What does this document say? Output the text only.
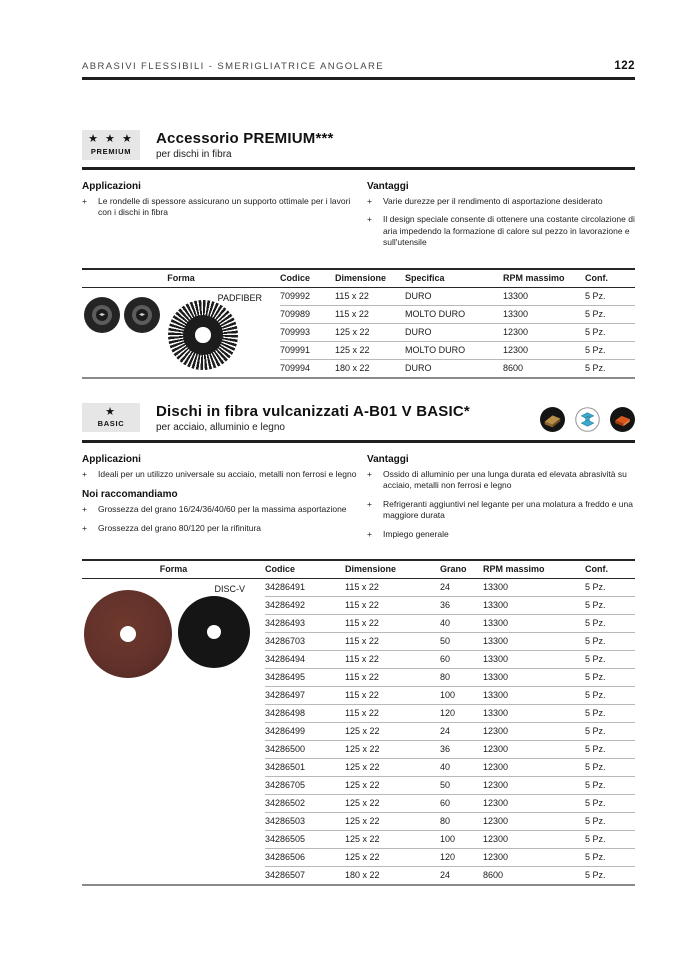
ABRASIVI FLESSIBILI - SMERIGLIATRICE ANGOLARE	122
★ ★ ★
PREMIUM
Accessorio PREMIUM***
per dischi in fibra
Applicazioni
+	Le rondelle di spessore assicurano un supporto ottimale per i lavori con i dischi in fibra
Vantaggi
+	Varie durezze per il rendimento di asportazione desiderato
+	Il design speciale consente di ottenere una costante circolazione di aria impedendo la formazione di calore sul pezzo in lavorazione e sull'utensile
Forma	Codice	Dimensione	Specifica	RPM massimo	Conf.
◂▸
◂▸
PADFIBER 709992	115 x 22	DURO	13300	5 Pz.
709989	115 x 22	MOLTO DURO	13300	5 Pz.
709993	125 x 22	DURO	12300	5 Pz.
709991	125 x 22	MOLTO DURO	12300	5 Pz.
709994	180 x 22	DURO	8600	5 Pz.
★
BASIC
Dischi in fibra vulcanizzati A-B01 V BASIC*
per acciaio, alluminio e legno
Applicazioni
+	Ideali per un utilizzo universale su acciaio, metalli non ferrosi e legno
Noi raccomandiamo
+	Grossezza del grano 16/24/36/40/60 per la massima asportazione
+	Grossezza del grano 80/120 per la rifinitura
Vantaggi
+	Ossido di alluminio per una lunga durata ed elevata abrasività su acciaio, metalli non ferrosi e legno
+	Refrigeranti aggiuntivi nel legante per una molatura a freddo e una maggiore durata
+	Impiego generale
Forma	Codice	Dimensione	Grano	RPM massimo	Conf.
DISC-V 34286491	115 x 22	24	13300	5 Pz.
34286492	115 x 22	36	13300	5 Pz.
34286493	115 x 22	40	13300	5 Pz.
34286703	115 x 22	50	13300	5 Pz.
34286494	115 x 22	60	13300	5 Pz.
34286495	115 x 22	80	13300	5 Pz.
34286497	115 x 22	100	13300	5 Pz.
34286498	115 x 22	120	13300	5 Pz.
34286499	125 x 22	24	12300	5 Pz.
34286500	125 x 22	36	12300	5 Pz.
34286501	125 x 22	40	12300	5 Pz.
34286705	125 x 22	50	12300	5 Pz.
34286502	125 x 22	60	12300	5 Pz.
34286503	125 x 22	80	12300	5 Pz.
34286505	125 x 22	100	12300	5 Pz.
34286506	125 x 22	120	12300	5 Pz.
34286507	180 x 22	24	8600	5 Pz.
